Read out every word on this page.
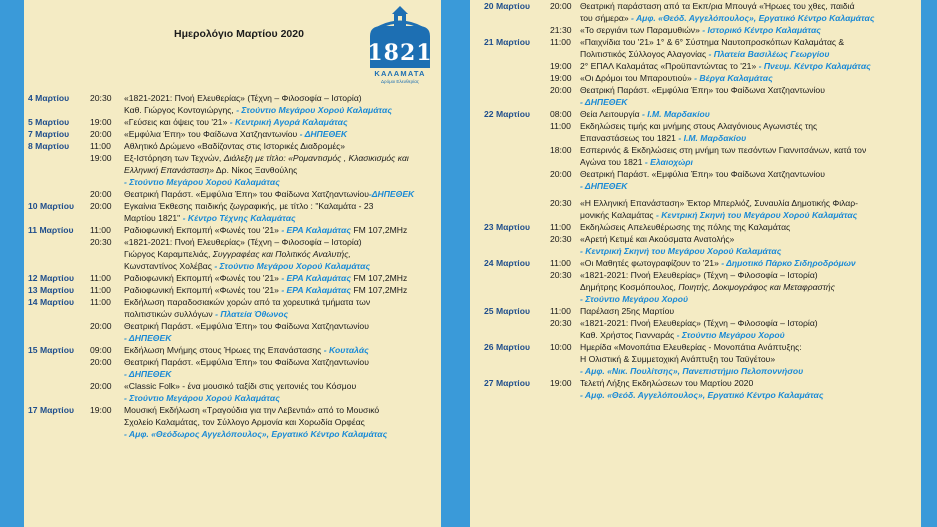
Ημερολόγιο Μαρτίου 2020
1821
ΚΑΛΑΜΑΤΑ
Δρόμοι Ελευθερίας
4 Μαρτίου 20:30 «1821-2021: Πνοή Ελευθερίας» (Τέχνη – Φιλοσοφία – Ιστορία)
Καθ. Γιώργος Κοντογιώργης, - Στούντιο Μεγάρου Χορού Καλαμάτας
5 Μαρτίου 19:00 «Γεύσεις και όψεις του '21» - Κεντρική Αγορά Καλαμάτας
7 Μαρτίου 20:00 «Εμφύλια Έπη» του Φαίδωνα Χατζηαντωνίου - ΔΗΠΕΘΕΚ
8 Μαρτίου 11:00 Αθλητικό Δρώμενο «Βαδίζοντας στις Ιστορικές Διαδρομές»
19:00 Εξ-Ιστόρηση των Τεχνών, Διάλεξη με τίτλο: «Ρομαντισμός , Κλασικισμός και
Ελληνική Επανάσταση» Δρ. Νίκος Ξανθούλης
- Στούντιο Μεγάρου Χορού Καλαμάτας
20:00 Θεατρική Παράστ. «Εμφύλια Έπη» του Φαίδωνα Χατζηαντωνίου-ΔΗΠΕΘΕΚ
10 Μαρτίου 20:00 Εγκαίνια Έκθεσης παιδικής ζωγραφικής, με τίτλο : "Καλαμάτα - 23
Μαρτίου 1821" - Κέντρο Τέχνης Καλαμάτας
11 Μαρτίου 11:00 Ραδιοφωνική Εκπομπή «Φωνές του '21» - ΕΡΑ Καλαμάτας FM 107,2MHz
20:30 «1821-2021: Πνοή Ελευθερίας» (Τέχνη – Φιλοσοφία – Ιστορία)
Γιώργος Καραμπελιάς, Συγγραφέας και Πολιτικός Αναλυτής,
Κωνσταντίνος Χολέβας - Στούντιο Μεγάρου Χορού Καλαμάτας
12 Μαρτίου 11:00 Ραδιοφωνική Εκπομπή «Φωνές του '21» - ΕΡΑ Καλαμάτας FM 107,2MHz
13 Μαρτίου 11:00 Ραδιοφωνική Εκπομπή «Φωνές του '21» - ΕΡΑ Καλαμάτας FM 107,2MHz
14 Μαρτίου 11:00 Εκδήλωση παραδοσιακών χορών από τα χορευτικά τμήματα των
πολιτιστικών συλλόγων - Πλατεία Όθωνος
20:00 Θεατρική Παράστ. «Εμφύλια Έπη» του Φαίδωνα Χατζηαντωνίου
- ΔΗΠΕΘΕΚ
15 Μαρτίου 09:00 Εκδήλωση Μνήμης στους Ήρωες της Επανάστασης - Κουταλάς
20:00 Θεατρική Παράστ. «Εμφύλια Έπη» του Φαίδωνα Χατζηαντωνίου
- ΔΗΠΕΘΕΚ
20:00 «Classic Folk» - ένα μουσικό ταξίδι στις γειτονιές του Κόσμου
- Στούντιο Μεγάρου Χορού Καλαμάτας
17 Μαρτίου 19:00 Μουσική Εκδήλωση «Τραγούδια για την Λεβεντιά» από το Μουσικό
Σχολείο Καλαμάτας, τον Σύλλογο Αρμονία και Χορωδία Ορφέας
- Αμφ. «Θεόδωρος Αγγελόπουλος», Εργατικό Κέντρο Καλαμάτας
20 Μαρτίου 20:00 Θεατρική παράσταση από τα Εκπ/ρια Μπουγά «Ήρωες του χθες, παιδιά
του σήμερα» - Αμφ. «Θεόδ. Αγγελόπουλος», Εργατικό Κέντρο Καλαμάτας
21:30 «Το σεργιάνι των Παραμυθιών» - Ιστορικό Κέντρο Καλαμάτας
21 Μαρτίου 11:00 «Παιχνίδια του '21» 1° & 6° Σύστημα Ναυτοπροσκόπων Καλαμάτας &
Πολιτιστικός Σύλλογος Αλαγονίας - Πλατεία Βασιλέως Γεωργίου
19:00 2° ΕΠΑΛ Καλαμάτας «Προϋπαντώντας το '21» - Πνευμ. Κέντρο Καλαμάτας
19:00 «Οι Δρόμοι του Μπαρουτιού» - Βέργα Καλαμάτας
20:00 Θεατρική Παράστ. «Εμφύλια Έπη» του Φαίδωνα Χατζηαντωνίου
- ΔΗΠΕΘΕΚ
22 Μαρτίου 08:00 Θεία Λειτουργία - Ι.Μ. Μαρδακίου
11:00 Εκδηλώσεις τιμής και μνήμης στους Αλαγόνιους Αγωνιστές της
Επαναστάσεως του 1821 - Ι.Μ. Μαρδακίου
18:00 Εσπερινός & Εκδηλώσεις στη μνήμη των πεσόντων Γιαννιτσάνων, κατά τον
Αγώνα του 1821 - Ελαιοχώρι
20:00 Θεατρική Παράστ. «Εμφύλια Έπη» του Φαίδωνα Χατζηαντωνίου
- ΔΗΠΕΘΕΚ
20:30 «Η Ελληνική Επανάσταση» Έκτορ Μπερλιόζ, Συναυλία Δημοτικής Φιλαρ-
μονικής Καλαμάτας - Κεντρική Σκηνή του Μεγάρου Χορού Καλαμάτας
23 Μαρτίου 11:00 Εκδηλώσεις Απελευθέρωσης της πόλης της Καλαμάτας
20:30 «Αρετή Κετιμέ και Ακούσματα Ανατολής»
- Κεντρική Σκηνή του Μεγάρου Χορού Καλαμάτας
24 Μαρτίου 11:00 «Οι Μαθητές φωτογραφίζουν το '21» - Δημοτικό Πάρκο Σιδηροδρόμων
20:30 «1821-2021: Πνοή Ελευθερίας» (Τέχνη – Φιλοσοφία – Ιστορία)
Δημήτρης Κοσμόπουλος, Ποιητής, Δοκιμογράφος και Μεταφραστής
- Στούντιο Μεγάρου Χορού
25 Μαρτίου 11:00 Παρέλαση 25ης Μαρτίου
20:30 «1821-2021: Πνοή Ελευθερίας» (Τέχνη – Φιλοσοφία – Ιστορία)
Καθ. Χρήστος Γιανναράς - Στούντιο Μεγάρου Χορού
26 Μαρτίου 10:00 Ημερίδα «Μονοπάτια Ελευθερίας - Μονοπάτια Ανάπτυξης:
Η Ολιστική & Συμμετοχική Ανάπτυξη του Ταϋγέτου»
- Αμφ. «Νικ. Πουλίτσης», Πανεπιστήμιο Πελοποννήσου
27 Μαρτίου 19:00 Τελετή Λήξης Εκδηλώσεων του Μαρτίου 2020
- Αμφ. «Θεόδ. Αγγελόπουλος», Εργατικό Κέντρο Καλαμάτας
